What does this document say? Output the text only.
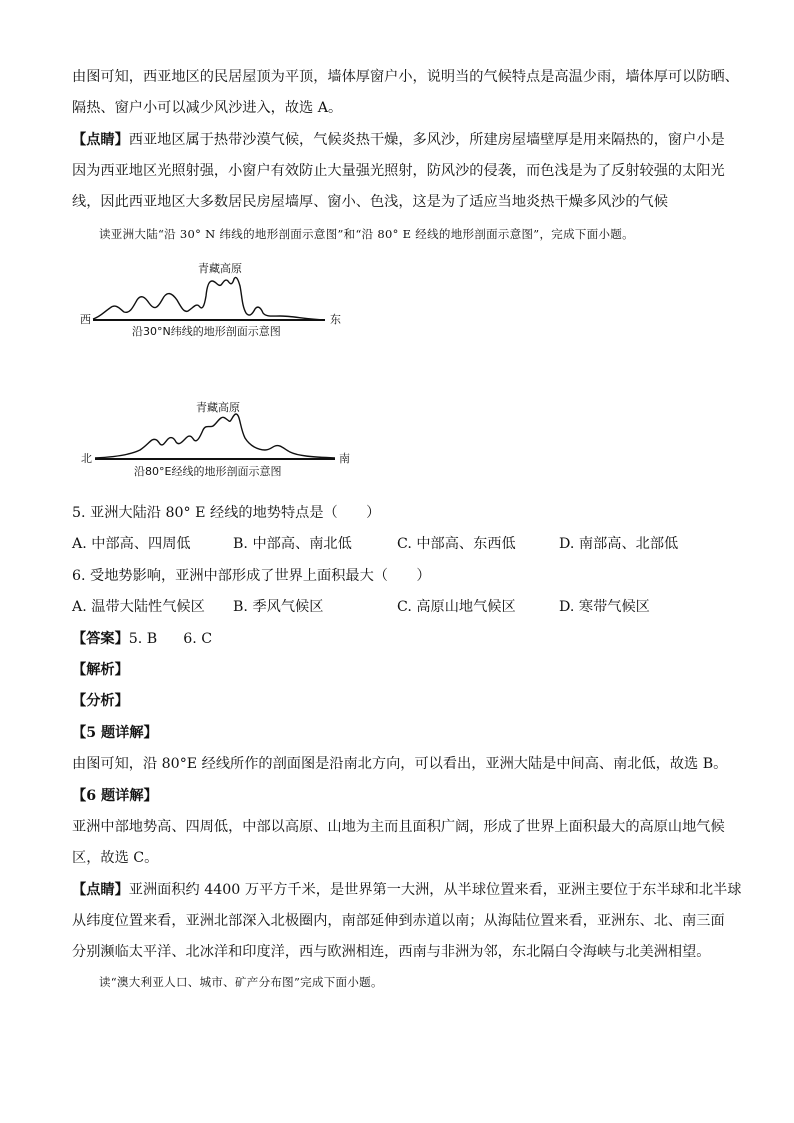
由图可知，西亚地区的民居屋顶为平顶，墙体厚窗户小，说明当的气候特点是高温少雨，墙体厚可以防晒、
隔热、窗户小可以减少风沙进入，故选 A。
【点睛】西亚地区属于热带沙漠气候，气候炎热干燥，多风沙，所建房屋墙壁厚是用来隔热的，窗户小是
因为西亚地区光照射强，小窗户有效防止大量强光照射，防风沙的侵袭，而色浅是为了反射较强的太阳光
线，因此西亚地区大多数居民房屋墙厚、窗小、色浅，这是为了适应当地炎热干燥多风沙的气候
读亚洲大陆“沿 30° N 纬线的地形剖面示意图”和“沿 80° E 经线的地形剖面示意图”，完成下面小题。
青藏高原
西	东
沿30°N纬线的地形剖面示意图
青藏高原
北	南
沿80°E经线的地形剖面示意图
5. 亚洲大陆沿 80° E 经线的地势特点是（　　）
A. 中部高、四周低	B. 中部高、南北低	C. 中部高、东西低	D. 南部高、北部低
6. 受地势影响，亚洲中部形成了世界上面积最大（　　）
A. 温带大陆性气候区 B. 季风气候区	C. 高原山地气候区	D. 寒带气候区
【答案】5. B 6. C
【解析】
【分析】
【5 题详解】
由图可知，沿 80°E 经线所作的剖面图是沿南北方向，可以看出，亚洲大陆是中间高、南北低，故选 B。
【6 题详解】
亚洲中部地势高、四周低，中部以高原、山地为主而且面积广阔，形成了世界上面积最大的高原山地气候
区，故选 C。
【点睛】亚洲面积约 4400 万平方千米，是世界第一大洲，从半球位置来看，亚洲主要位于东半球和北半球
从纬度位置来看，亚洲北部深入北极圈内，南部延伸到赤道以南；从海陆位置来看，亚洲东、北、南三面
分别濒临太平洋、北冰洋和印度洋，西与欧洲相连，西南与非洲为邻，东北隔白令海峡与北美洲相望。
读“澳大利亚人口、城市、矿产分布图”完成下面小题。
